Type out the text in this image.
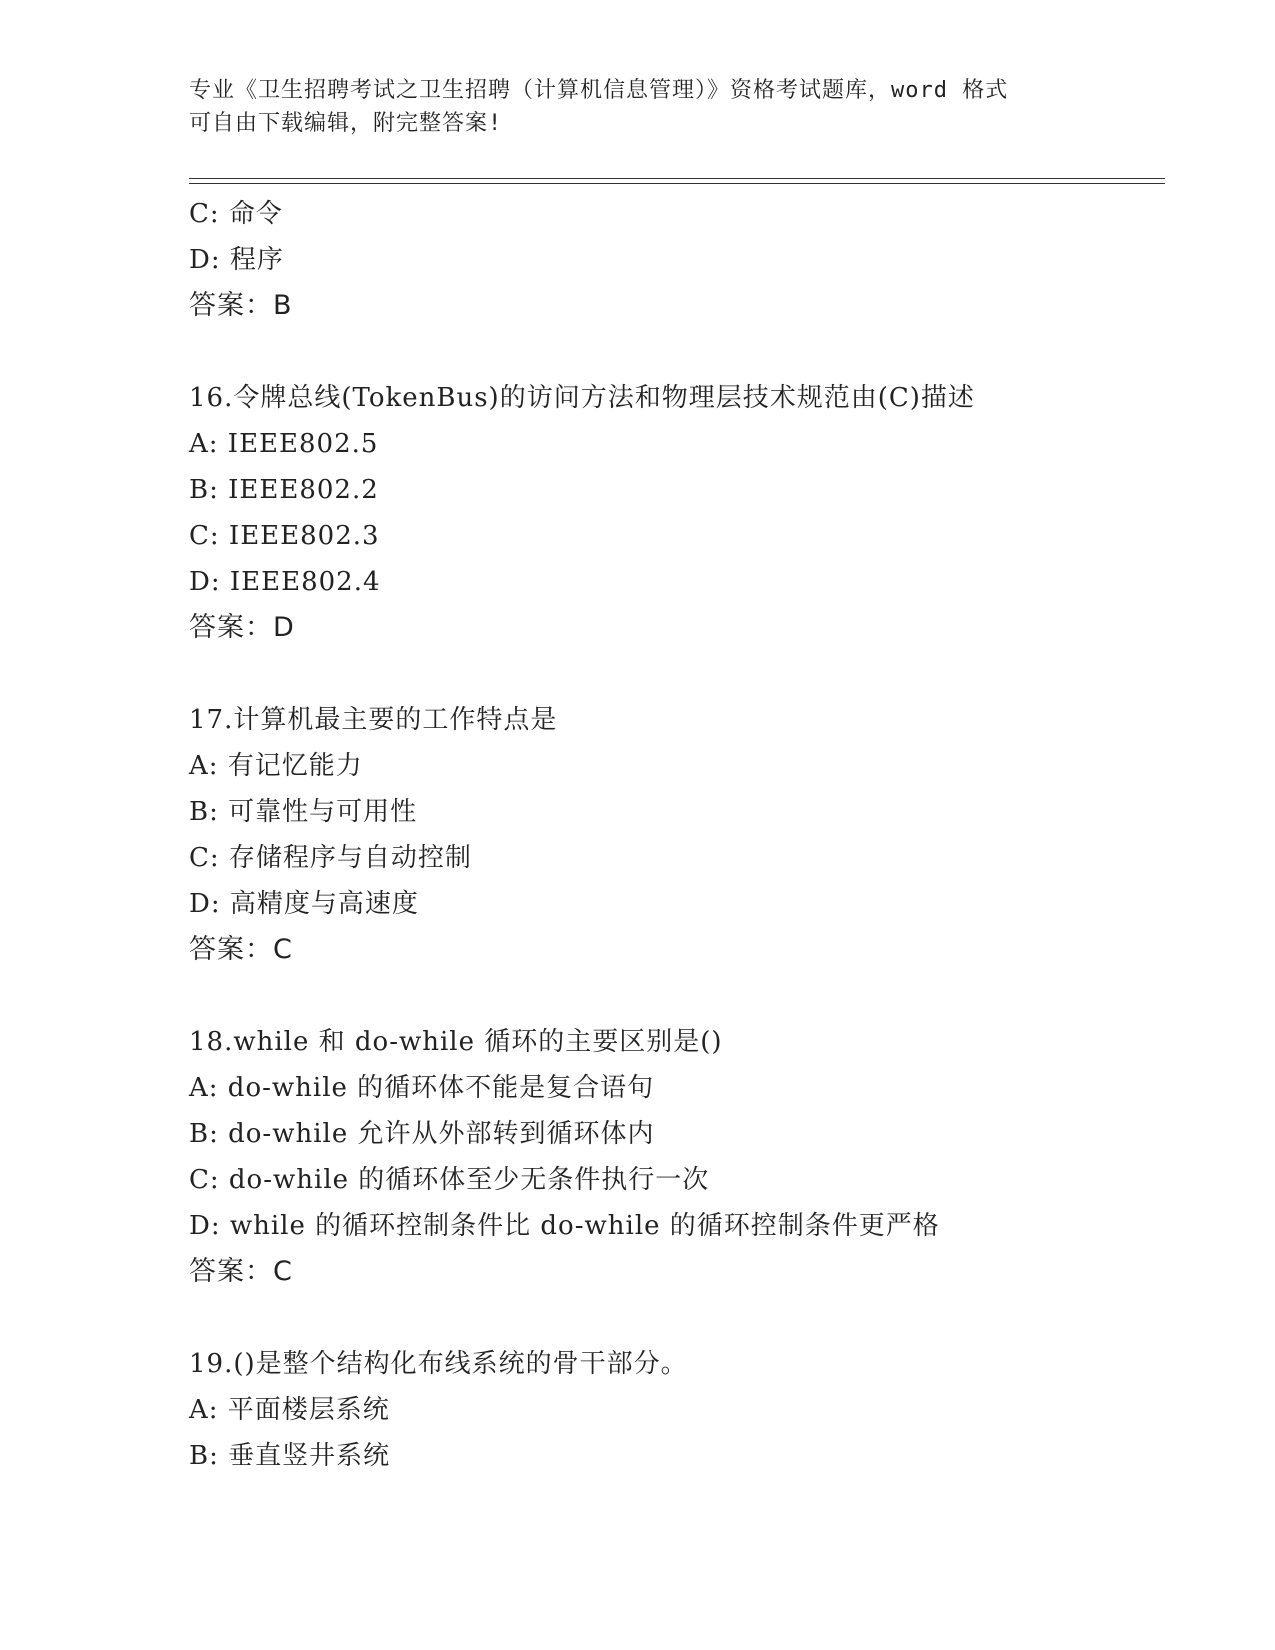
专业《卫生招聘考试之卫生招聘（计算机信息管理）》资格考试题库，word 格式
可自由下载编辑，附完整答案!
C: 命令
D: 程序
答案：B
16.令牌总线(TokenBus)的访问方法和物理层技术规范由(C)描述
A: IEEE802.5
B: IEEE802.2
C: IEEE802.3
D: IEEE802.4
答案：D
17.计算机最主要的工作特点是
A: 有记忆能力
B: 可靠性与可用性
C: 存储程序与自动控制
D: 高精度与高速度
答案：C
18.while 和 do-while 循环的主要区别是()
A: do-while 的循环体不能是复合语句
B: do-while 允许从外部转到循环体内
C: do-while 的循环体至少无条件执行一次
D: while 的循环控制条件比 do-while 的循环控制条件更严格
答案：C
19.()是整个结构化布线系统的骨干部分。
A: 平面楼层系统
B: 垂直竖井系统
